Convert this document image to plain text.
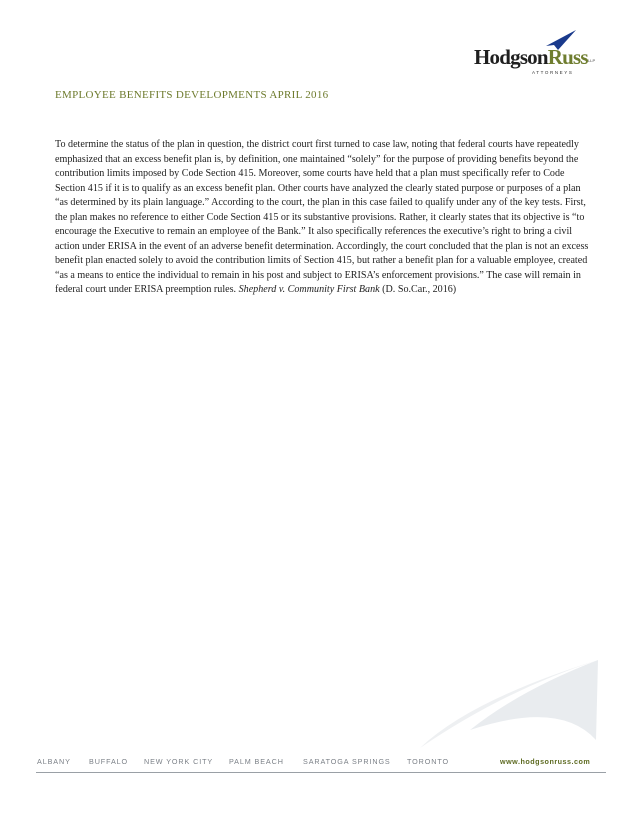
HodgsonRuss LLP
ATTORNEYS
EMPLOYEE BENEFITS DEVELOPMENTS APRIL 2016

To determine the status of the plan in question, the district court first turned to case law, noting that federal courts have repeatedly emphasized that an excess benefit plan is, by definition, one maintained “solely” for the purpose of providing benefits beyond the contribution limits imposed by Code Section 415. Moreover, some courts have held that a plan must specifically refer to Code Section 415 if it is to qualify as an excess benefit plan. Other courts have analyzed the clearly stated purpose or purposes of a plan “as determined by its plain language.” According to the court, the plan in this case failed to qualify under any of the key tests. First, the plan makes no reference to either Code Section 415 or its substantive provisions. Rather, it clearly states that its objective is “to encourage the Executive to remain an employee of the Bank.” It also specifically references the executive’s right to bring a civil action under ERISA in the event of an adverse benefit determination. Accordingly, the court concluded that the plan is not an excess benefit plan enacted solely to avoid the contribution limits of Section 415, but rather a benefit plan for a valuable employee, created “as a means to entice the individual to remain in his post and subject to ERISA’s enforcement provisions.” The case will remain in federal court under ERISA preemption rules. Shepherd v. Community First Bank (D. So.Car., 2016)

ALBANY	BUFFALO NEW YORK CITY PALM BEACH	SARATOGA SPRINGS TORONTO	www.hodgsonruss.com
